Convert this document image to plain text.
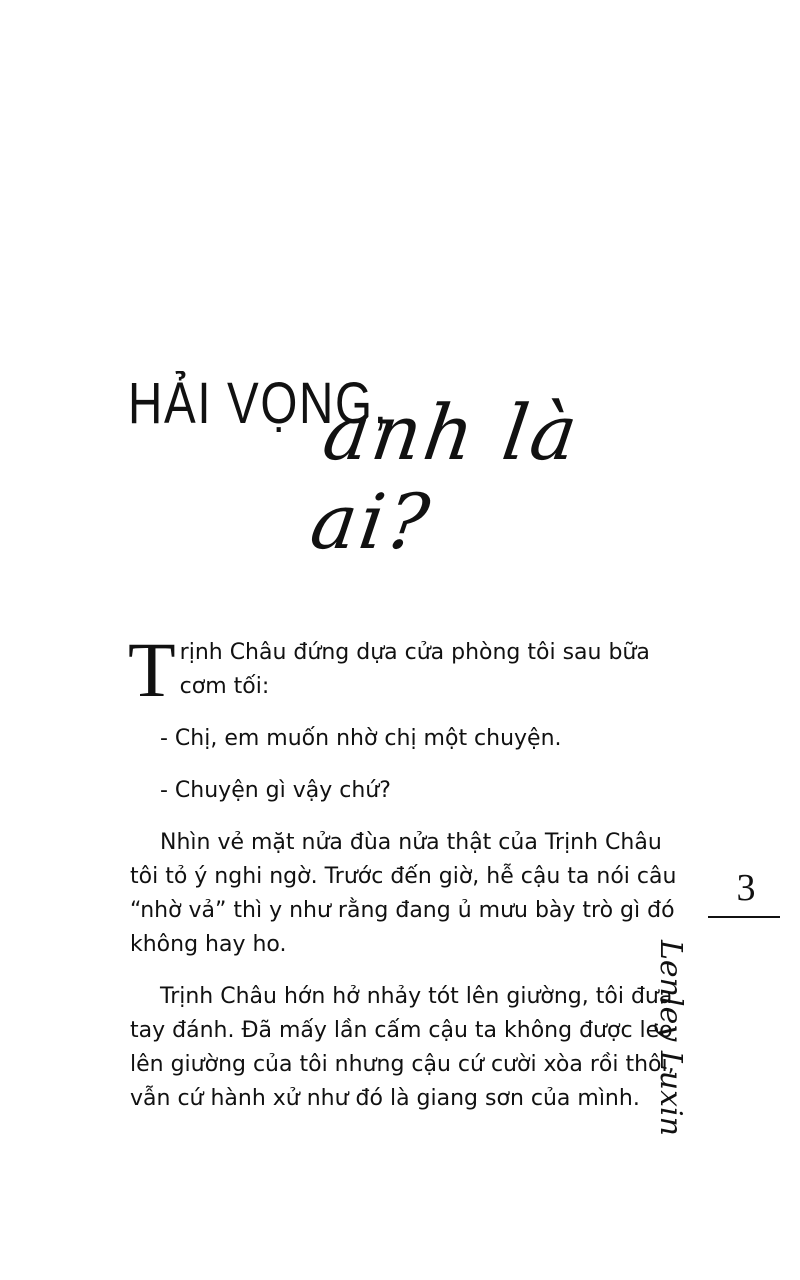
HẢI VỌNG,
anh là ai?

Trịnh Châu đứng dựa cửa phòng tôi sau bữa cơm tối:

- Chị, em muốn nhờ chị một chuyện.

- Chuyện gì vậy chứ?

Nhìn vẻ mặt nửa đùa nửa thật của Trịnh Châu tôi tỏ ý nghi ngờ. Trước đến giờ, hễ cậu ta nói câu “nhờ vả” thì y như rằng đang ủ mưu bày trò gì đó không hay ho.

Trịnh Châu hớn hở nhảy tót lên giường, tôi đưa tay đánh. Đã mấy lần cấm cậu ta không được leo lên giường của tôi nhưng cậu cứ cười xòa rồi thôi, vẫn cứ hành xử như đó là giang sơn của mình.

3
Lenley Luxin
